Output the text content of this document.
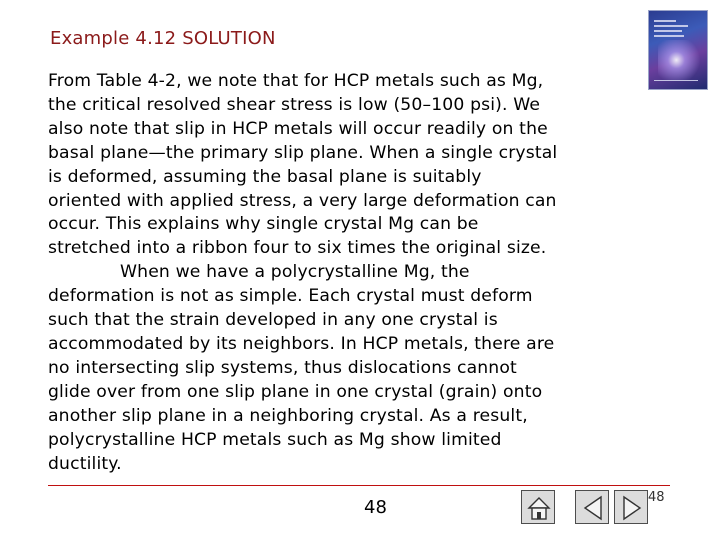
Example 4.12 SOLUTION
From Table 4-2, we note that for HCP metals such as Mg,
the critical resolved shear stress is low (50–100 psi). We
also note that slip in HCP metals will occur readily on the
basal plane—the primary slip plane. When a single crystal
is deformed, assuming the basal plane is suitably
oriented with applied stress, a very large deformation can
occur. This explains why single crystal Mg can be
stretched into a ribbon four to six times the original size.
When we have a polycrystalline Mg, the
deformation is not as simple. Each crystal must deform
such that the strain developed in any one crystal is
accommodated by its neighbors. In HCP metals, there are
no intersecting slip systems, thus dislocations cannot
glide over from one slip plane in one crystal (grain) onto
another slip plane in a neighboring crystal. As a result,
polycrystalline HCP metals such as Mg show limited
ductility.
48	48
